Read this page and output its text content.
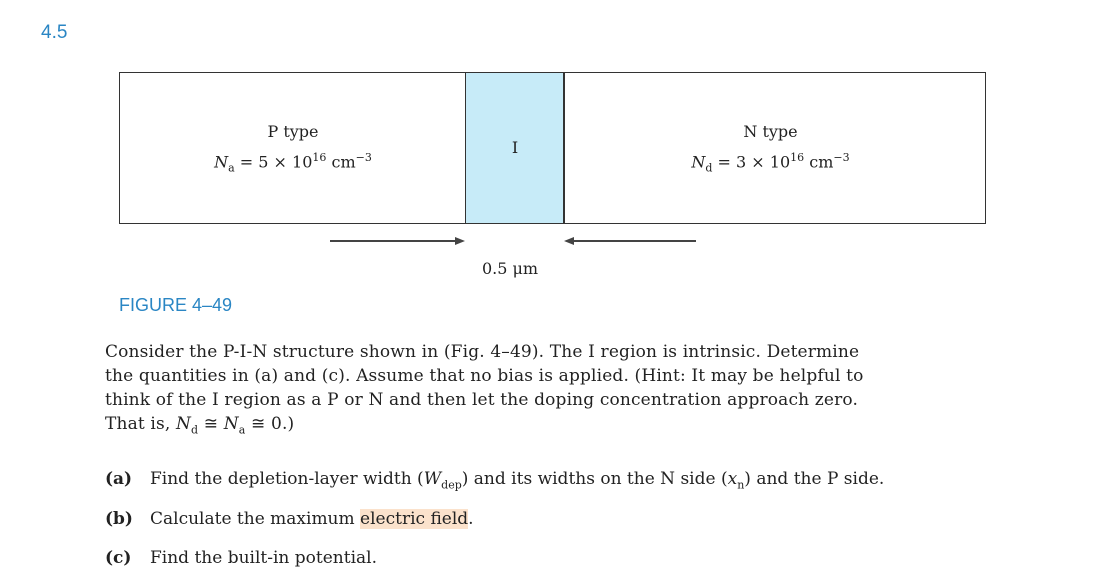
4.5
P type
$N_a = 5 \times 10^{16}$ $cm^{-3}$
I
N type
$N_d = 3 \times 10^{16}$ $cm^{-3}$
0.5 μm
FIGURE 4–49
Consider the P-I-N structure shown in (Fig. 4–49). The I region is intrinsic. Determine
the quantities in (a) and (c). Assume that no bias is applied. (Hint: It may be helpful to
think of the I region as a P or N and then let the doping concentration approach zero.
That is, $N_d$ ≅ $N_a$ ≅ 0.)
(a) Find the depletion-layer width $(W_{dep})$ and its widths on the N side $(x_n)$ and the P side.
(b) Calculate the maximum electric field.
(c) Find the built-in potential.
